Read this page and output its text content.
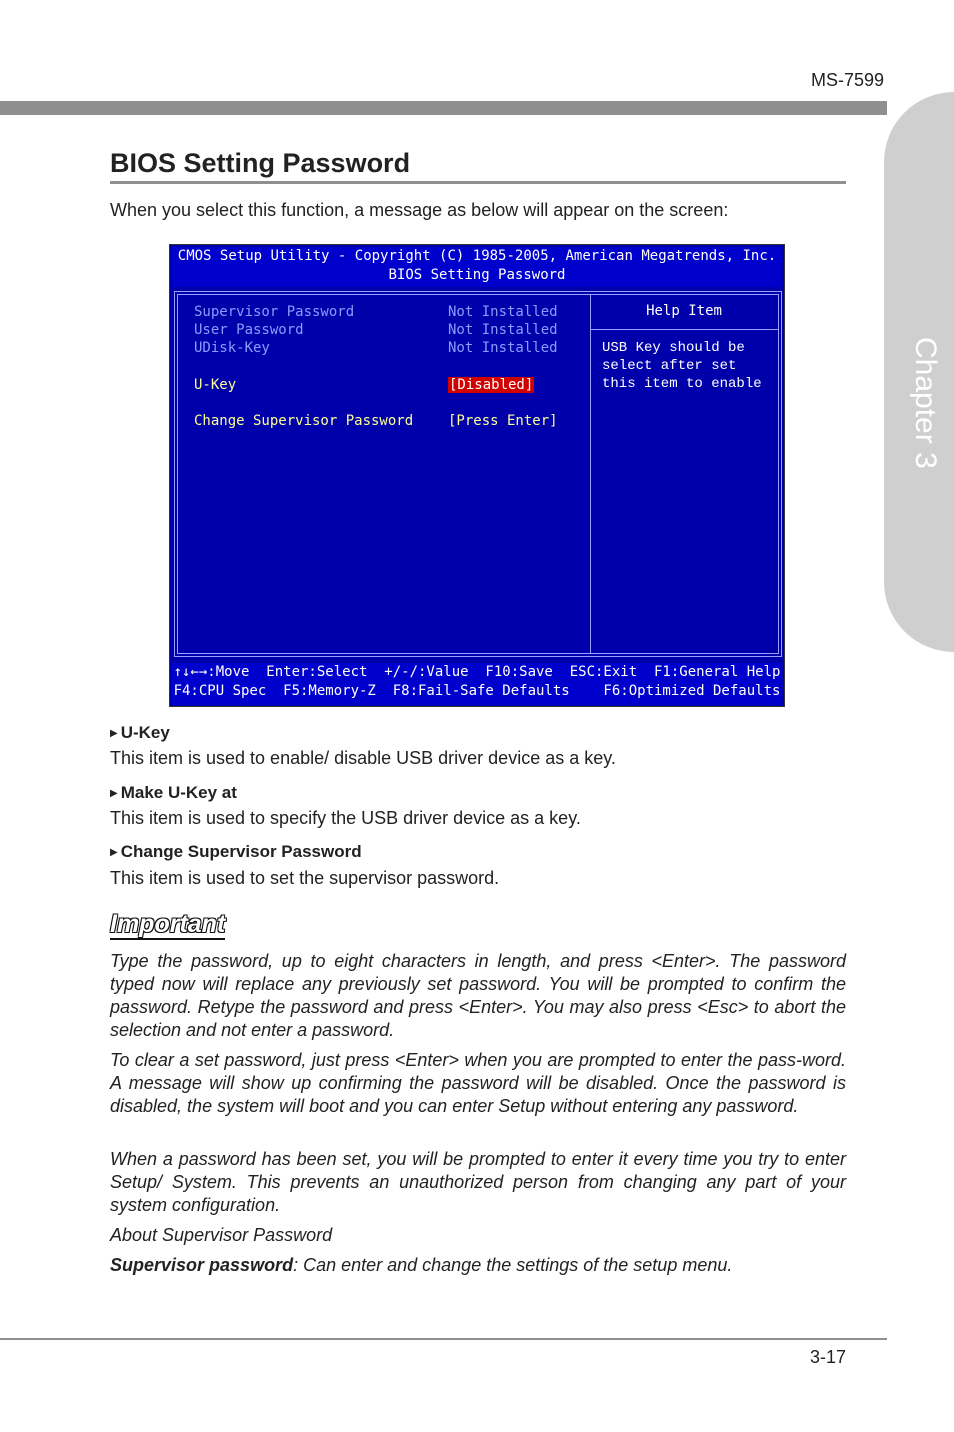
MS-7599
Chapter 3
BIOS Setting Password

When you select this function, a message as below will appear on the screen:

CMOS Setup Utility - Copyright (C) 1985-2005, American Megatrends, Inc.
BIOS Setting Password
Supervisor Password	Not Installed
User Password	Not Installed
UDisk-Key	Not Installed
U-Key	[Disabled]
Change Supervisor Password [Press Enter]
Help Item
USB Key should be
select after set
this item to enable
↑↓←→:Move  Enter:Select  +/-/:Value  F10:Save  ESC:Exit  F1:General Help
F4:CPU Spec  F5:Memory-Z  F8:Fail-Safe Defaults    F6:Optimized Defaults

▶ U-Key

This item is used to enable/ disable USB driver device as a key.

▶ Make U-Key at

This item is used to specify the USB driver device as a key.

▶ Change Supervisor Password

This item is used to set the supervisor password.

Important

Type the password, up to eight characters in length, and press <Enter>. The password typed now will replace any previously set password. You will be prompted to confirm the password. Retype the password and press <Enter>. You may also press <Esc> to abort the selection and not enter a password.

To clear a set password, just press <Enter> when you are prompted to enter the pass-word. A message will show up confirming the password will be disabled. Once the password is disabled, the system will boot and you can enter Setup without entering any password.

When a password has been set, you will be prompted to enter it every time you try to enter Setup/ System. This prevents an unauthorized person from changing any part of your system configuration.

About Supervisor Password

Supervisor password: Can enter and change the settings of the setup menu.

3-17
